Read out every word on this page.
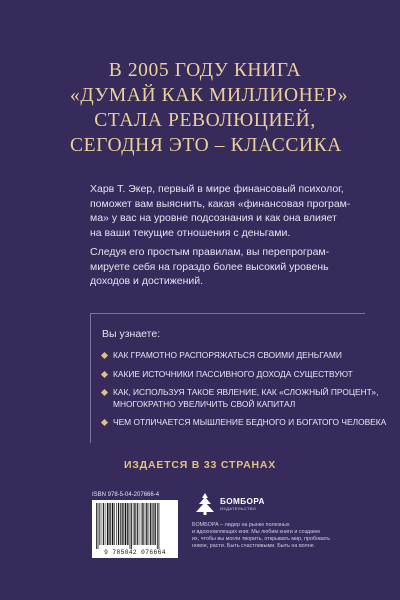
В 2005 ГОДУ КНИГА
«ДУМАЙ КАК МИЛЛИОНЕР»
СТАЛА РЕВОЛЮЦИЕЙ,
СЕГОДНЯ ЭТО – КЛАССИКА
Харв Т. Экер, первый в мире финансовый психолог,
поможет вам выяснить, какая «финансовая програм-
ма» у вас на уровне подсознания и как она влияет
на ваши текущие отношения с деньгами.
Следуя его простым правилам, вы перепрограм-
мируете себя на гораздо более высокий уровень
доходов и достижений.
Вы узнаете:
КАК ГРАМОТНО РАСПОРЯЖАТЬСЯ СВОИМИ ДЕНЬГАМИ
КАКИЕ ИСТОЧНИКИ ПАССИВНОГО ДОХОДА СУЩЕСТВУЮТ
КАК, ИСПОЛЬЗУЯ ТАКОЕ ЯВЛЕНИЕ, КАК «СЛОЖНЫЙ ПРОЦЕНТ»,
МНОГОКРАТНО УВЕЛИЧИТЬ СВОЙ КАПИТАЛ
ЧЕМ ОТЛИЧАЕТСЯ МЫШЛЕНИЕ БЕДНОГО И БОГАТОГО ЧЕЛОВЕКА
ИЗДАЕТСЯ В 33 СТРАНАХ
ISBN 978-5-04-207666-4
9 785042 076664
БОМБОРА
ИЗДАТЕЛЬСТВО
БОМБОРА – лидер на рынке полезных
и вдохновляющих книг. Мы любим книги и создаем
их, чтобы вы могли творить, открывать мир, пробовать
новое, расти. Быть счастливыми. Быть на волне.
